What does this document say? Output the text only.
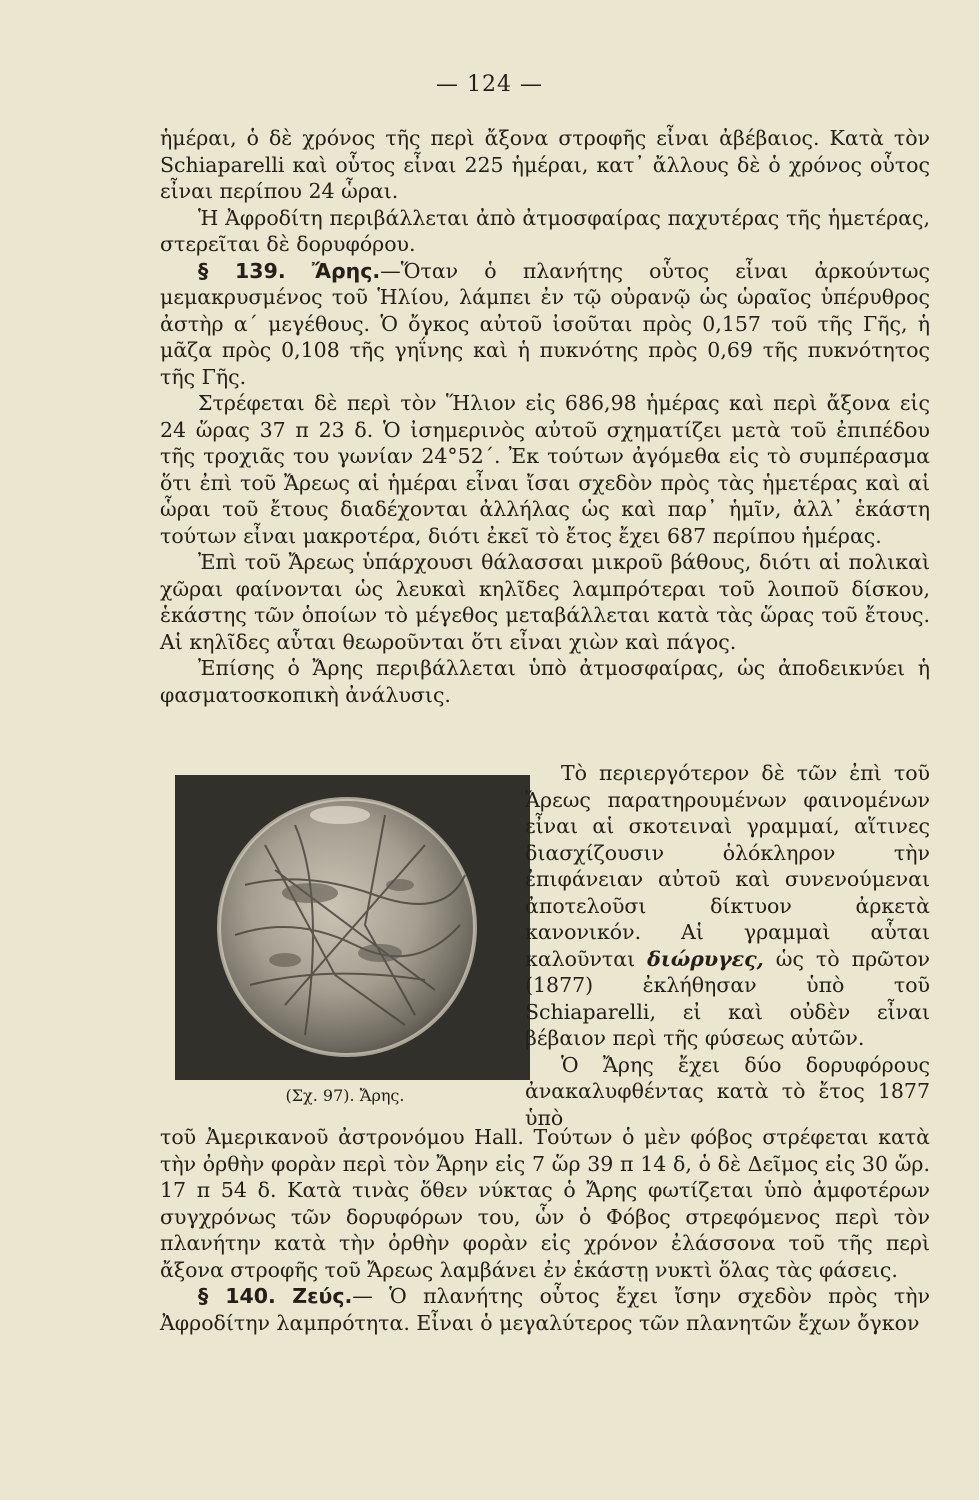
— 124 —

ἡμέραι, ὁ δὲ χρόνος τῆς περὶ ἄξονα στροφῆς εἶναι ἀβέβαιος. Κατὰ τὸν Schiaparelli καὶ οὗτος εἶναι 225 ἡμέραι, κατ᾽ ἄλλους δὲ ὁ χρόνος οὗτος εἶναι περίπου 24 ὧραι.

Ἡ Ἀφροδίτη περιβάλλεται ἀπὸ ἀτμοσφαίρας παχυτέρας τῆς ἡμετέρας, στερεῖται δὲ δορυφόρου.

§ 139. Ἄρης.—Ὅταν ὁ πλανήτης οὗτος εἶναι ἀρκούντως μεμακρυσμένος τοῦ Ἡλίου, λάμπει ἐν τῷ οὐρανῷ ὡς ὡραῖος ὑπέρυθρος ἀστὴρ α΄ μεγέθους. Ὁ ὄγκος αὐτοῦ ἰσοῦται πρὸς 0,157 τοῦ τῆς Γῆς, ἡ μᾶζα πρὸς 0,108 τῆς γηΐνης καὶ ἡ πυκνότης πρὸς 0,69 τῆς πυκνότητος τῆς Γῆς.

Στρέφεται δὲ περὶ τὸν Ἥλιον εἰς 686,98 ἡμέρας καὶ περὶ ἄξονα εἰς 24 ὥρας 37 π 23 δ. Ὁ ἰσημερινὸς αὐτοῦ σχηματίζει μετὰ τοῦ ἐπιπέδου τῆς τροχιᾶς του γωνίαν 24°52΄. Ἐκ τούτων ἀγόμεθα εἰς τὸ συμπέρασμα ὅτι ἐπὶ τοῦ Ἄρεως αἱ ἡμέραι εἶναι ἴσαι σχεδὸν πρὸς τὰς ἡμετέρας καὶ αἱ ὧραι τοῦ ἔτους διαδέχονται ἀλλήλας ὡς καὶ παρ᾽ ἡμῖν, ἀλλ᾽ ἑκάστη τούτων εἶναι μακροτέρα, διότι ἐκεῖ τὸ ἔτος ἔχει 687 περίπου ἡμέρας.

Ἐπὶ τοῦ Ἄρεως ὑπάρχουσι θάλασσαι μικροῦ βάθους, διότι αἱ πολικαὶ χῶραι φαίνονται ὡς λευκαὶ κηλῖδες λαμπρότεραι τοῦ λοιποῦ δίσκου, ἑκάστης τῶν ὁποίων τὸ μέγεθος μεταβάλλεται κατὰ τὰς ὥρας τοῦ ἔτους. Αἱ κηλῖδες αὗται θεωροῦνται ὅτι εἶναι χιὼν καὶ πάγος.

Ἐπίσης ὁ Ἄρης περιβάλλεται ὑπὸ ἀτμοσφαίρας, ὡς ἀποδεικνύει ἡ φασματοσκοπικὴ ἀνάλυσις.

(Σχ. 97). Ἄρης.

Τὸ περιεργότερον δὲ τῶν ἐπὶ τοῦ Ἄρεως παρατηρουμένων φαινομένων εἶναι αἱ σκοτειναὶ γραμμαί, αἵτινες διασχίζουσιν ὁλόκληρον τὴν ἐπιφάνειαν αὐτοῦ καὶ συνενούμεναι ἀποτελοῦσι δίκτυον ἀρκετὰ κανονικόν. Αἱ γραμμαὶ αὗται καλοῦνται διώρυγες, ὡς τὸ πρῶτον (1877) ἐκλήθησαν ὑπὸ τοῦ Schiaparelli, εἰ καὶ οὐδὲν εἶναι βέβαιον περὶ τῆς φύσεως αὐτῶν.

Ὁ Ἄρης ἔχει δύο δορυφόρους ἀνακαλυφθέντας κατὰ τὸ ἔτος 1877 ὑπὸ

τοῦ Ἀμερικανοῦ ἀστρονόμου Hall. Τούτων ὁ μὲν φόβος στρέφεται κατὰ τὴν ὀρθὴν φορὰν περὶ τὸν Ἄρην εἰς 7 ὥρ 39 π 14 δ, ὁ δὲ Δεῖμος εἰς 30 ὥρ. 17 π 54 δ. Κατὰ τινὰς ὅθεν νύκτας ὁ Ἄρης φωτίζεται ὑπὸ ἀμφοτέρων συγχρόνως τῶν δορυφόρων του, ὧν ὁ Φόβος στρεφόμενος περὶ τὸν πλανήτην κατὰ τὴν ὀρθὴν φορὰν εἰς χρόνον ἐλάσσονα τοῦ τῆς περὶ ἄξονα στροφῆς τοῦ Ἄρεως λαμβάνει ἐν ἑκάστῃ νυκτὶ ὅλας τὰς φάσεις.

§ 140. Ζεύς.— Ὁ πλανήτης οὗτος ἔχει ἴσην σχεδὸν πρὸς τὴν Ἀφροδίτην λαμπρότητα. Εἶναι ὁ μεγαλύτερος τῶν πλανητῶν ἔχων ὄγκον
